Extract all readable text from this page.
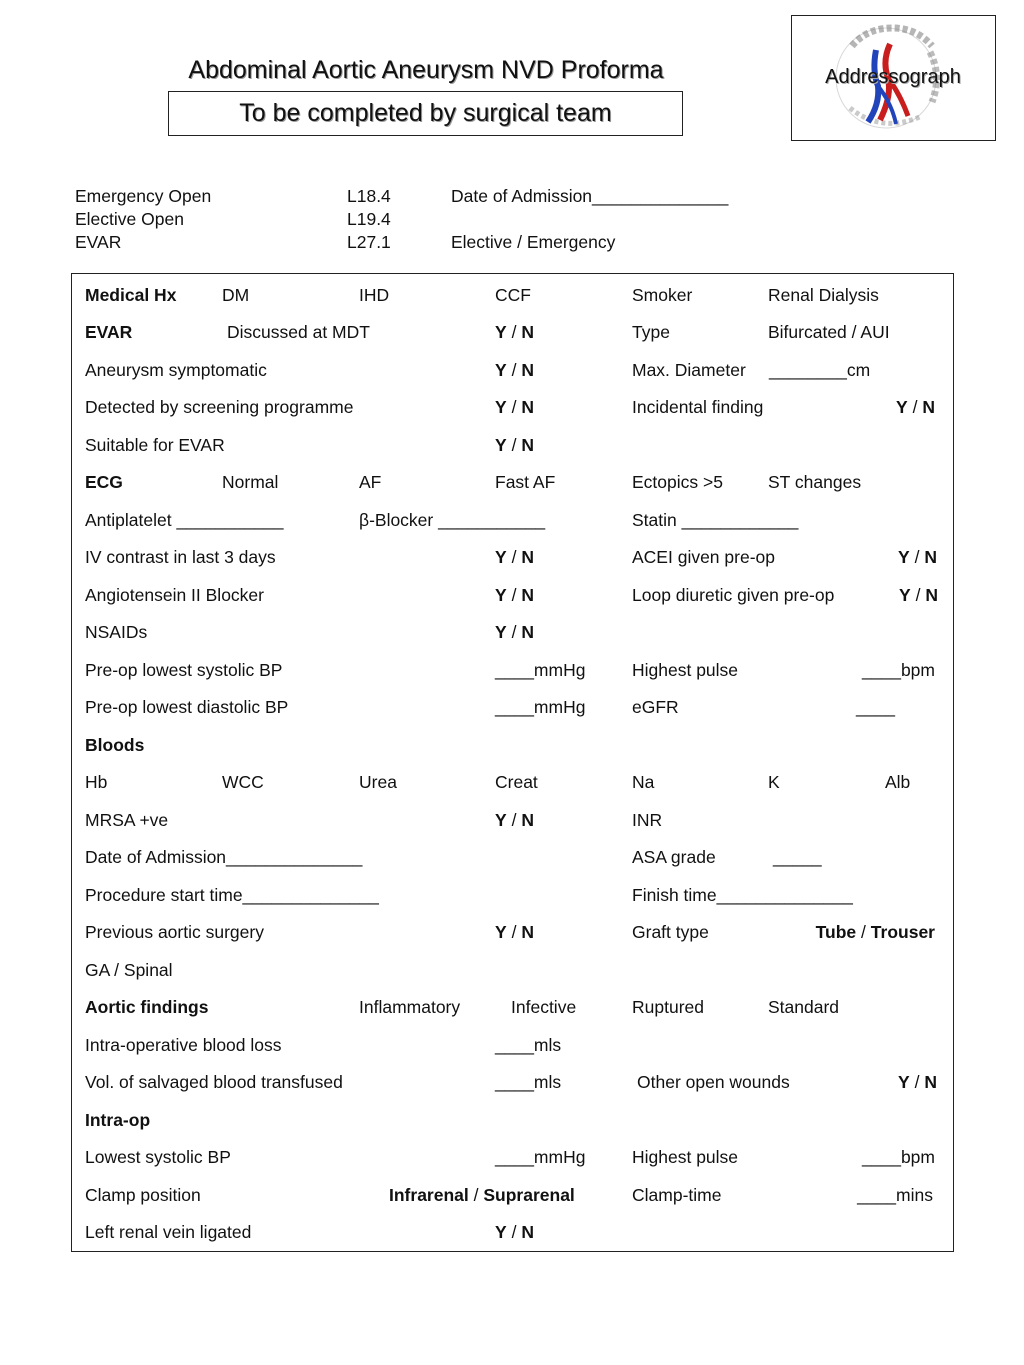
Abdominal Aortic Aneurysm NVD Proforma
To be completed by surgical team
Addressograph
Emergency Open	L18.4	Date of Admission______________
Elective Open	L19.4
EVAR	L27.1	Elective / Emergency
Medical Hx	DM	IHD	CCF	Smoker	Renal Dialysis
EVAR	Discussed at MDT	Y / N	Type	Bifurcated / AUI
Aneurysm symptomatic	Y / N	Max. Diameter ________cm
Detected by screening programme	Y / N	Incidental finding	Y / N
Suitable for EVAR	Y / N
ECG	Normal	AF	Fast AF	Ectopics >5	ST changes
Antiplatelet ___________	β-Blocker ___________	Statin ____________
IV contrast in last 3 days	Y / N	ACEI given pre-op	Y / N
Angiotensein II Blocker	Y / N	Loop diuretic given pre-op	Y / N
NSAIDs	Y / N
Pre-op lowest systolic BP	____mmHg	Highest pulse	____bpm
Pre-op lowest diastolic BP	____mmHg	eGFR	____
Bloods
Hb	WCC	Urea	Creat	Na	K	Alb
MRSA +ve	Y / N	INR
Date of Admission______________	ASA grade	_____
Procedure start time______________	Finish time______________
Previous aortic surgery	Y / N	Graft type	Tube / Trouser
GA / Spinal
Aortic findings	Inflammatory	Infective	Ruptured	Standard
Intra-operative blood loss	____mls
Vol. of salvaged blood transfused	____mls	Other open wounds	Y / N
Intra-op
Lowest systolic BP	____mmHg	Highest pulse	____bpm
Clamp position	Infrarenal / Suprarenal	Clamp-time	____mins
Left renal vein ligated	Y / N
